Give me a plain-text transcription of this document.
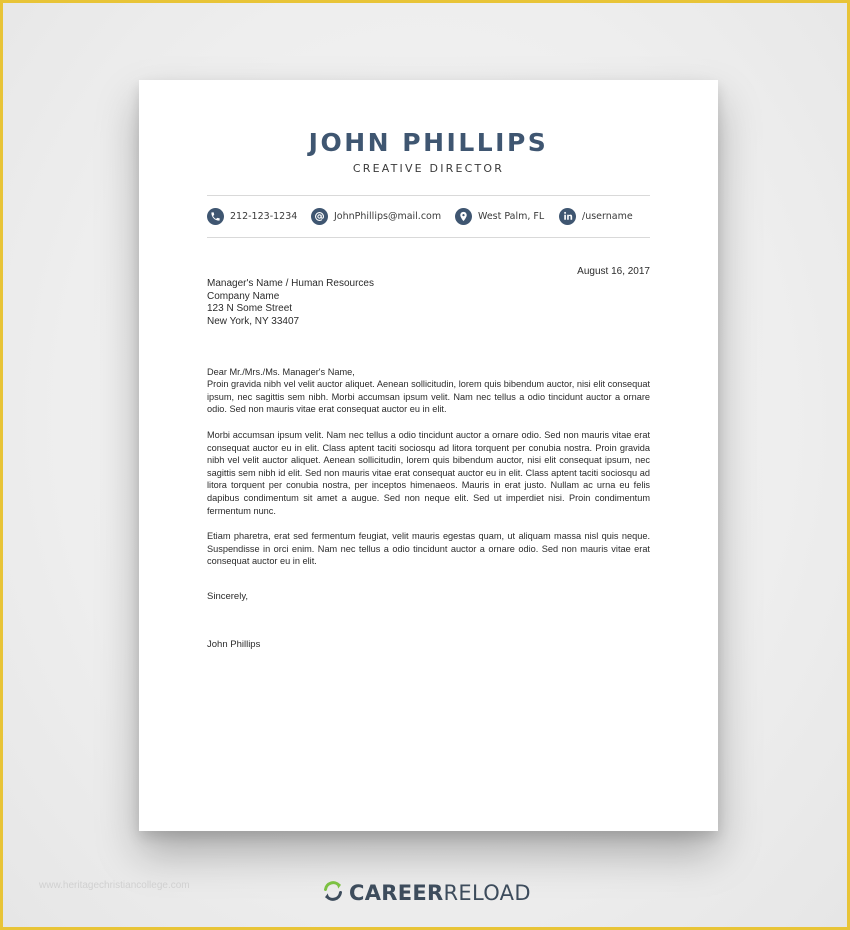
JOHN PHILLIPS
CREATIVE DIRECTOR
212-123-1234	JohnPhillips@mail.com	West Palm, FL	/username
August 16, 2017
Manager's Name / Human Resources
Company Name
123 N Some Street
New York, NY 33407
Dear Mr./Mrs./Ms. Manager's Name,
Proin gravida nibh vel velit auctor aliquet. Aenean sollicitudin, lorem quis bibendum auctor, nisi elit consequat ipsum, nec sagittis sem nibh. Morbi accumsan ipsum velit. Nam nec tellus a odio tincidunt auctor a ornare odio. Sed non mauris vitae erat consequat auctor eu in elit.
Morbi accumsan ipsum velit. Nam nec tellus a odio tincidunt auctor a ornare odio. Sed non mauris vitae erat consequat auctor eu in elit. Class aptent taciti sociosqu ad litora torquent per conubia nostra. Proin gravida nibh vel velit auctor aliquet. Aenean sollicitudin, lorem quis bibendum auctor, nisi elit consequat ipsum, nec sagittis sem nibh id elit. Sed non mauris vitae erat consequat auctor eu in elit. Class aptent taciti sociosqu ad litora torquent per conubia nostra, per inceptos himenaeos. Mauris in erat justo. Nullam ac urna eu felis dapibus condimentum sit amet a augue. Sed non neque elit. Sed ut imperdiet nisi. Proin condimentum fermentum nunc.
Etiam pharetra, erat sed fermentum feugiat, velit mauris egestas quam, ut aliquam massa nisl quis neque. Suspendisse in orci enim. Nam nec tellus a odio tincidunt auctor a ornare odio. Sed non mauris vitae erat consequat auctor eu in elit.
Sincerely,
John Phillips
www.heritagechristiancollege.com	CAREER RELOAD
